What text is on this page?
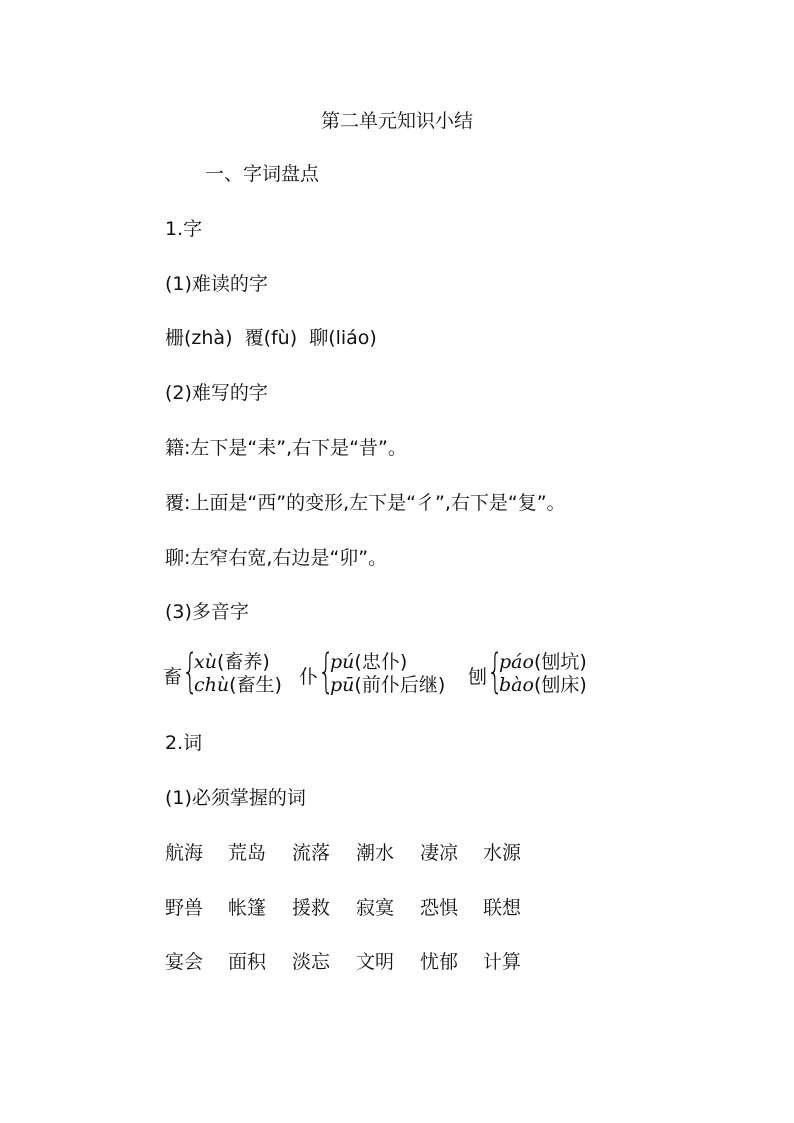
第二单元知识小结
一、字词盘点
1.字
(1)难读的字
栅(zhà)  覆(fù)  聊(liáo)
(2)难写的字
籍:左下是“耒”,右下是“昔”。
覆:上面是“西”的变形,左下是“彳”,右下是“复”。
聊:左窄右宽,右边是“卯”。
(3)多音字
畜 {
xù(畜养)
chù(畜生) 仆 {
pú(忠仆)
pū(前仆后继) 刨 {
páo(刨坑)
bào(刨床)
2.词
(1)必须掌握的词
航海 荒岛 流落 潮水 凄凉 水源
野兽 帐篷 援救 寂寞 恐惧 联想
宴会 面积 淡忘 文明 忧郁 计算
